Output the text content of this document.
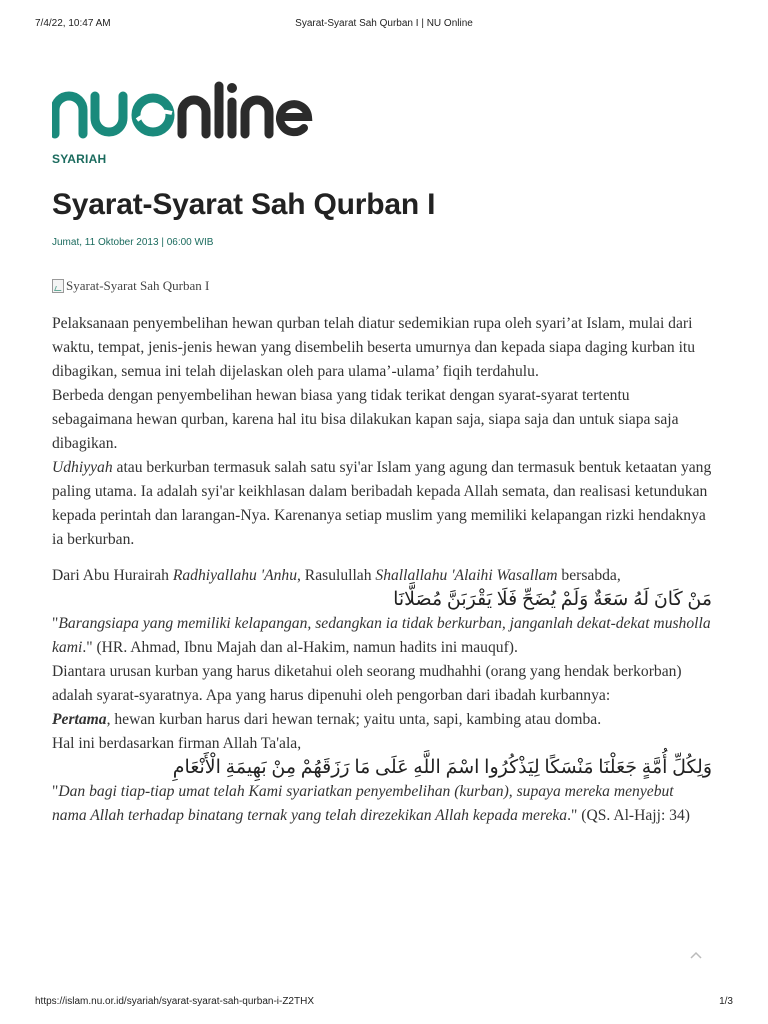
7/4/22, 10:47 AM	Syarat-Syarat Sah Qurban I | NU Online
SYARIAH
Syarat-Syarat Sah Qurban I
Jumat, 11 Oktober 2013 | 06:00 WIB
Syarat-Syarat Sah Qurban I

Pelaksanaan penyembelihan hewan qurban telah diatur sedemikian rupa oleh syari’at Islam, mulai dari waktu, tempat, jenis-jenis hewan yang disembelih beserta umurnya dan kepada siapa daging kurban itu dibagikan, semua ini telah dijelaskan oleh para ulama’-ulama’ fiqih terdahulu.

Berbeda dengan penyembelihan hewan biasa yang tidak terikat dengan syarat-syarat tertentu sebagaimana hewan qurban, karena hal itu bisa dilakukan kapan saja, siapa saja dan untuk siapa saja dibagikan.

Udhiyyah atau berkurban termasuk salah satu syi'ar Islam yang agung dan termasuk bentuk ketaatan yang paling utama. Ia adalah syi'ar keikhlasan dalam beribadah kepada Allah semata, dan realisasi ketundukan kepada perintah dan larangan-Nya. Karenanya setiap muslim yang memiliki kelapangan rizki hendaknya ia berkurban.

Dari Abu Hurairah Radhiyallahu 'Anhu, Rasulullah Shallallahu 'Alaihi Wasallam bersabda,

مَنْ كَانَ لَهُ سَعَةٌ وَلَمْ يُضَحِّ فَلَا يَقْرَبَنَّ مُصَلَّانَا

"Barangsiapa yang memiliki kelapangan, sedangkan ia tidak berkurban, janganlah dekat-dekat musholla kami." (HR. Ahmad, Ibnu Majah dan al-Hakim, namun hadits ini mauquf).

Diantara urusan kurban yang harus diketahui oleh seorang mudhahhi (orang yang hendak berkorban) adalah syarat-syaratnya. Apa yang harus dipenuhi oleh pengorban dari ibadah kurbannya:

Pertama, hewan kurban harus dari hewan ternak; yaitu unta, sapi, kambing atau domba.

Hal ini berdasarkan firman Allah Ta'ala,

وَلِكُلِّ أُمَّةٍ جَعَلْنَا مَنْسَكًا لِيَذْكُرُوا اسْمَ اللَّهِ عَلَى مَا رَزَقَهُمْ مِنْ بَهِيمَةِ الْأَنْعَامِ

"Dan bagi tiap-tiap umat telah Kami syariatkan penyembelihan (kurban), supaya mereka menyebut nama Allah terhadap binatang ternak yang telah direzekikan Allah kepada mereka." (QS. Al-Hajj: 34)

https://islam.nu.or.id/syariah/syarat-syarat-sah-qurban-i-Z2THX	1/3
